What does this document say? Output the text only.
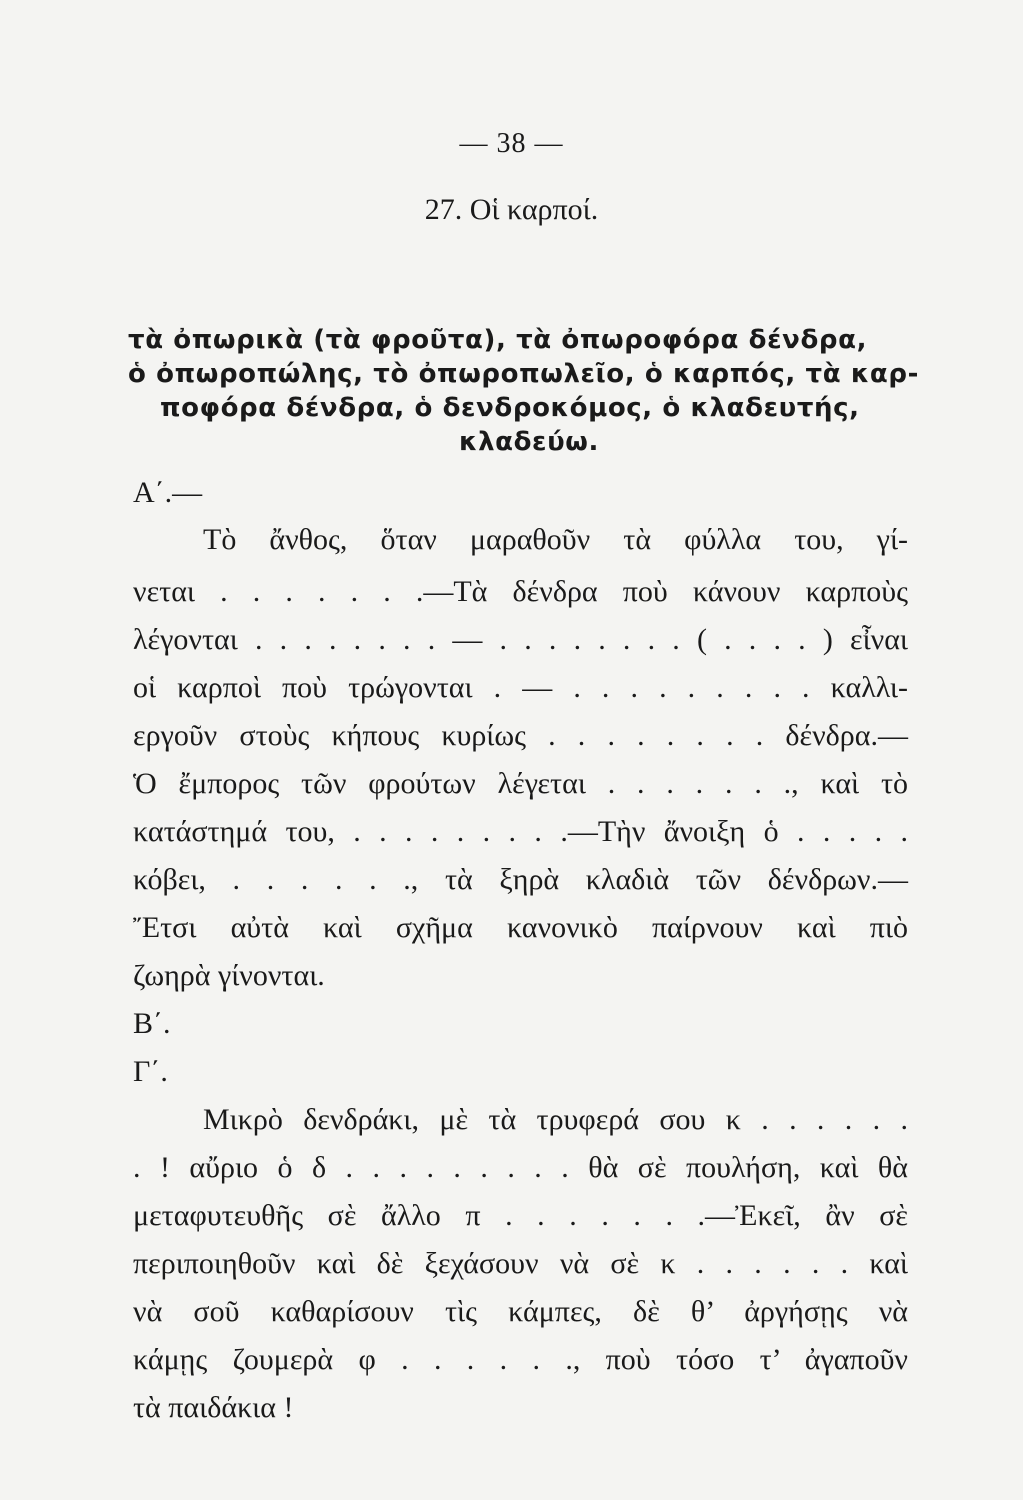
— 38 —
27. Οἱ καρποί.
τὰ ὀπωρικὰ (τὰ φροῦτα), τὰ ὀπωροφόρα δένδρα,
ὁ ὀπωροπώλης, τὸ ὀπωροπωλεῖο, ὁ καρπός, τὰ καρ-
ποφόρα δένδρα, ὁ δενδροκόμος, ὁ κλαδευτής,
κλαδεύω.
Α΄.—
Τὸ ἄνθος, ὅταν μαραθοῦν τὰ φύλλα του, γί-
νεται . . . . . . .—Τὰ δένδρα ποὺ κάνουν καρποὺς
λέγονται . . . . . . . . — . . . . . . . . ( . . . . ) εἶναι
οἱ καρποὶ ποὺ τρώγονται . — . . . . . . . . . καλλι-
εργοῦν στοὺς κήπους κυρίως . . . . . . . . δένδρα.—
Ὁ ἔμπορος τῶν φρούτων λέγεται . . . . . . ., καὶ τὸ
κατάστημά του, . . . . . . . . .—Τὴν ἄνοιξη ὁ . . . . .
κόβει, . . . . . ., τὰ ξηρὰ κλαδιὰ τῶν δένδρων.—
Ἔτσι αὐτὰ καὶ σχῆμα κανονικὸ παίρνουν καὶ πιὸ
ζωηρὰ γίνονται.
Β΄.
Γ΄.
Μικρὸ δενδράκι, μὲ τὰ τρυφερά σου κ . . . . . .
. ! αὔριο ὁ δ . . . . . . . . . θὰ σὲ πουλήση, καὶ θὰ
μεταφυτευθῆς σὲ ἄλλο π . . . . . . .—Ἐκεῖ, ἂν σὲ
περιποιηθοῦν καὶ δὲ ξεχάσουν νὰ σὲ κ . . . . . . καὶ
νὰ σοῦ καθαρίσουν τὶς κάμπες, δὲ θ’ ἀργήσῃς νὰ
κάμῃς ζουμερὰ φ . . . . . ., ποὺ τόσο τ’ ἀγαποῦν
τὰ παιδάκια !
